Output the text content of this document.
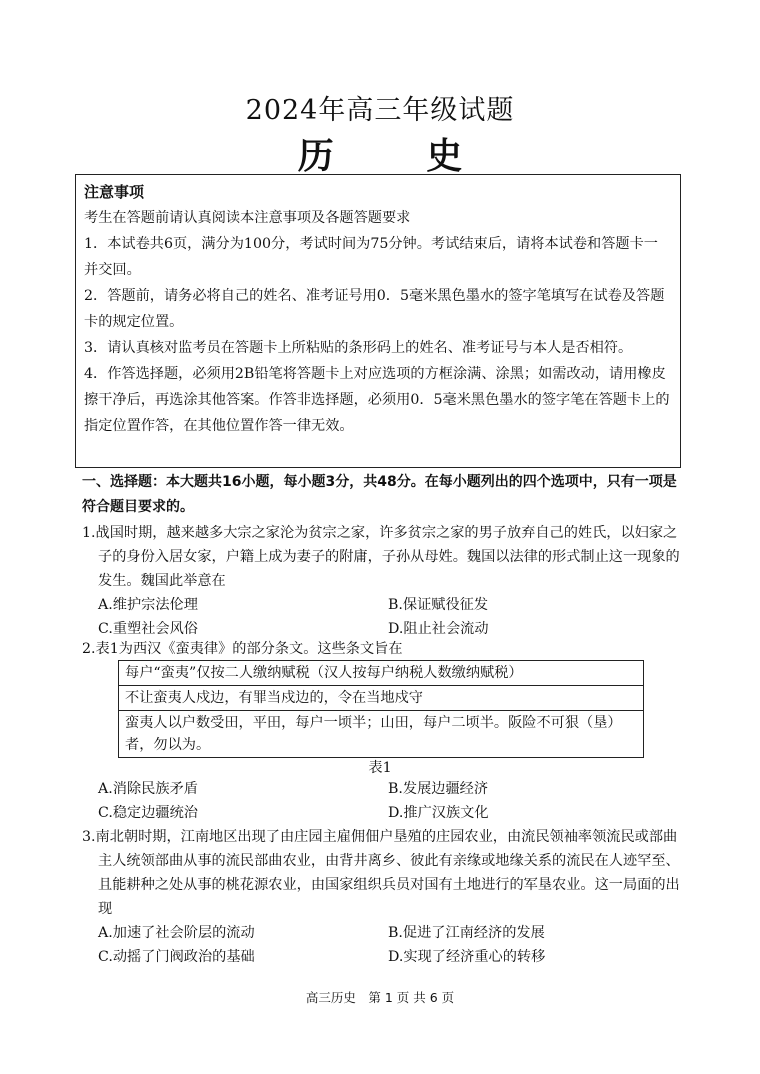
2024年高三年级试题
历 史

注意事项

考生在答题前请认真阅读本注意事项及各题答题要求

1．本试卷共6页，满分为100分，考试时间为75分钟。考试结束后，请将本试卷和答题卡一并交回。

2．答题前，请务必将自己的姓名、准考证号用0．5毫米黑色墨水的签字笔填写在试卷及答题卡的规定位置。

3．请认真核对监考员在答题卡上所粘贴的条形码上的姓名、准考证号与本人是否相符。

4．作答选择题，必须用2B铅笔将答题卡上对应选项的方框涂满、涂黑；如需改动，请用橡皮擦干净后，再选涂其他答案。作答非选择题，必须用0．5毫米黑色墨水的签字笔在答题卡上的指定位置作答，在其他位置作答一律无效。

一、选择题：本大题共16小题，每小题3分，共48分。在每小题列出的四个选项中，只有一项是符合题目要求的。
1.战国时期，越来越多大宗之家沦为贫宗之家，许多贫宗之家的男子放弃自己的姓氏，以妇家之子的身份入居女家，户籍上成为妻子的附庸，子孙从母姓。魏国以法律的形式制止这一现象的发生。魏国此举意在
A.维护宗法伦理	B.保证赋役征发
C.重塑社会风俗	D.阻止社会流动
2.表1为西汉《蛮夷律》的部分条文。这些条文旨在
每户“蛮夷”仅按二人缴纳赋税（汉人按每户纳税人数缴纳赋税）
不让蛮夷人戍边，有罪当戍边的，令在当地戍守
蛮夷人以户数受田，平田，每户一顷半；山田，每户二顷半。阪险不可狠（垦）者，勿以为。
表1
A.消除民族矛盾	B.发展边疆经济
C.稳定边疆统治	D.推广汉族文化
3.南北朝时期，江南地区出现了由庄园主雇佣佃户垦殖的庄园农业，由流民领袖率领流民或部曲主人统领部曲从事的流民部曲农业，由背井离乡、彼此有亲缘或地缘关系的流民在人迹罕至、且能耕种之处从事的桃花源农业，由国家组织兵员对国有土地进行的军垦农业。这一局面的出现
A.加速了社会阶层的流动	B.促进了江南经济的发展
C.动摇了门阀政治的基础	D.实现了经济重心的转移
高三历史　第 1 页 共 6 页
